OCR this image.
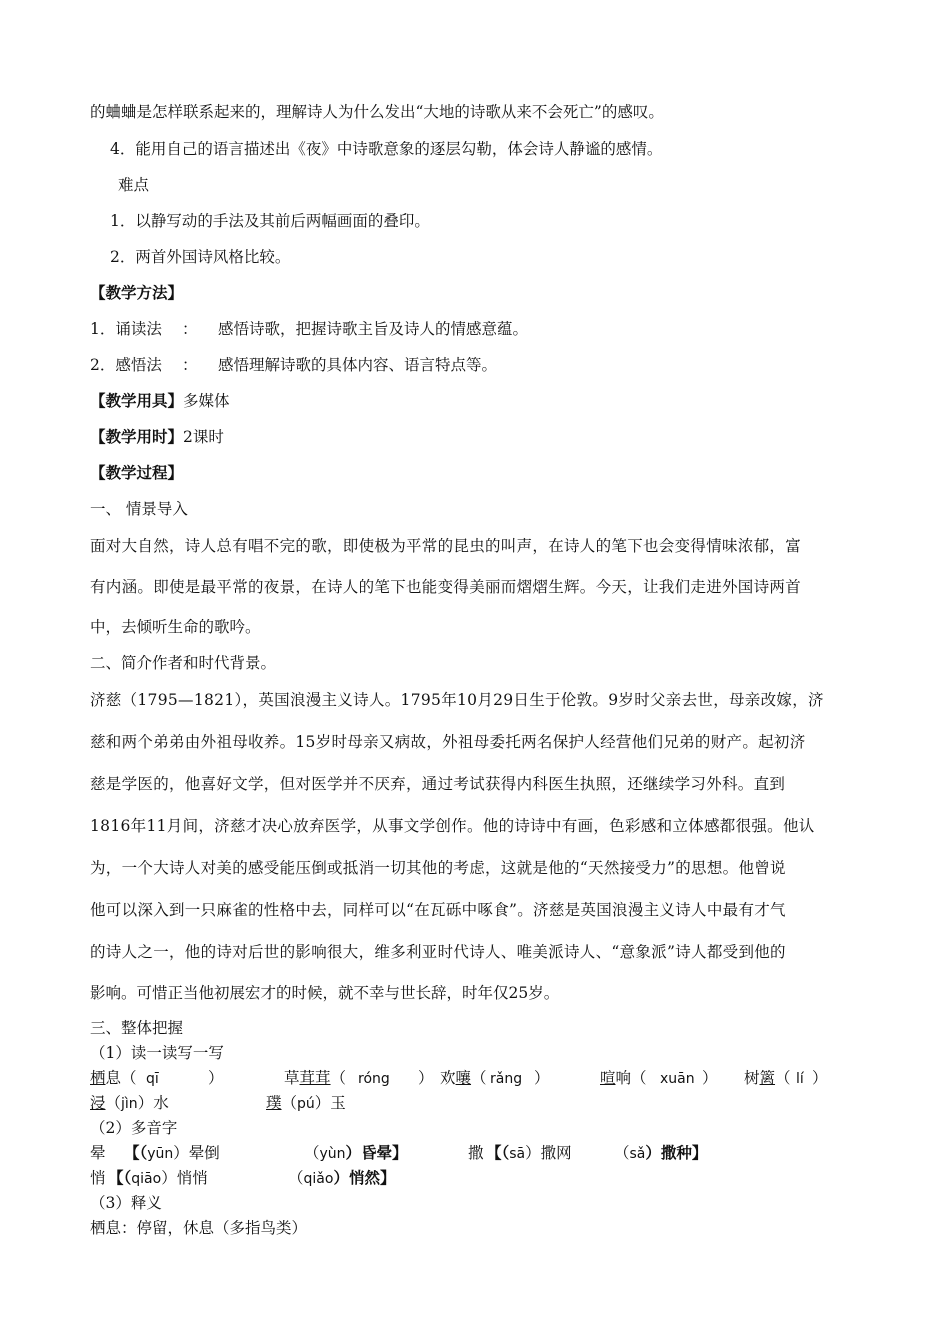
的蛐蛐是怎样联系起来的，理解诗人为什么发出“大地的诗歌从来不会死亡”的感叹。
4．能用自己的语言描述出《夜》中诗歌意象的逐层勾勒，体会诗人静谧的感情。
难点
1．以静写动的手法及其前后两幅画面的叠印。
2．两首外国诗风格比较。
【教学方法】
1．诵读法 ： 感悟诗歌，把握诗歌主旨及诗人的情感意蕴。
2．感悟法 ： 感悟理解诗歌的具体内容、语言特点等。
【教学用具】多媒体
【教学用时】2课时
【教学过程】
一、 情景导入
面对大自然，诗人总有唱不完的歌，即使极为平常的昆虫的叫声，在诗人的笔下也会变得情味浓郁，富
有内涵。即使是最平常的夜景，在诗人的笔下也能变得美丽而熠熠生辉。今天，让我们走进外国诗两首
中，去倾听生命的歌吟。
二、简介作者和时代背景。
济慈（1795—1821），英国浪漫主义诗人。1795年10月29日生于伦敦。9岁时父亲去世，母亲改嫁，济
慈和两个弟弟由外祖母收养。15岁时母亲又病故，外祖母委托两名保护人经营他们兄弟的财产。起初济
慈是学医的，他喜好文学，但对医学并不厌弃，通过考试获得内科医生执照，还继续学习外科。直到
1816年11月间，济慈才决心放弃医学，从事文学创作。他的诗诗中有画，色彩感和立体感都很强。他认
为，一个大诗人对美的感受能压倒或抵消一切其他的考虑，这就是他的“天然接受力”的思想。他曾说
他可以深入到一只麻雀的性格中去，同样可以“在瓦砾中啄食”。济慈是英国浪漫主义诗人中最有才气
的诗人之一，他的诗对后世的影响很大，维多利亚时代诗人、唯美派诗人、“意象派”诗人都受到他的
影响。可惜正当他初展宏才的时候，就不幸与世长辞，时年仅25岁。
三、整体把握
（1）读一读写一写
栖息（ qī	）	草茸茸（ róng ） 欢嚷（ rǎng ）	喧响（ xuān ） 树篱（ lí ）
浸（jìn）水	璞（pú）玉
（2）多音字
晕 【（yūn）晕倒	（yùn）昏晕】	撒 【（sā）撒网	（sǎ）撒种】
悄 【（qiāo）悄悄	（qiǎo）悄然】
（3）释义
栖息：停留，休息（多指鸟类）
